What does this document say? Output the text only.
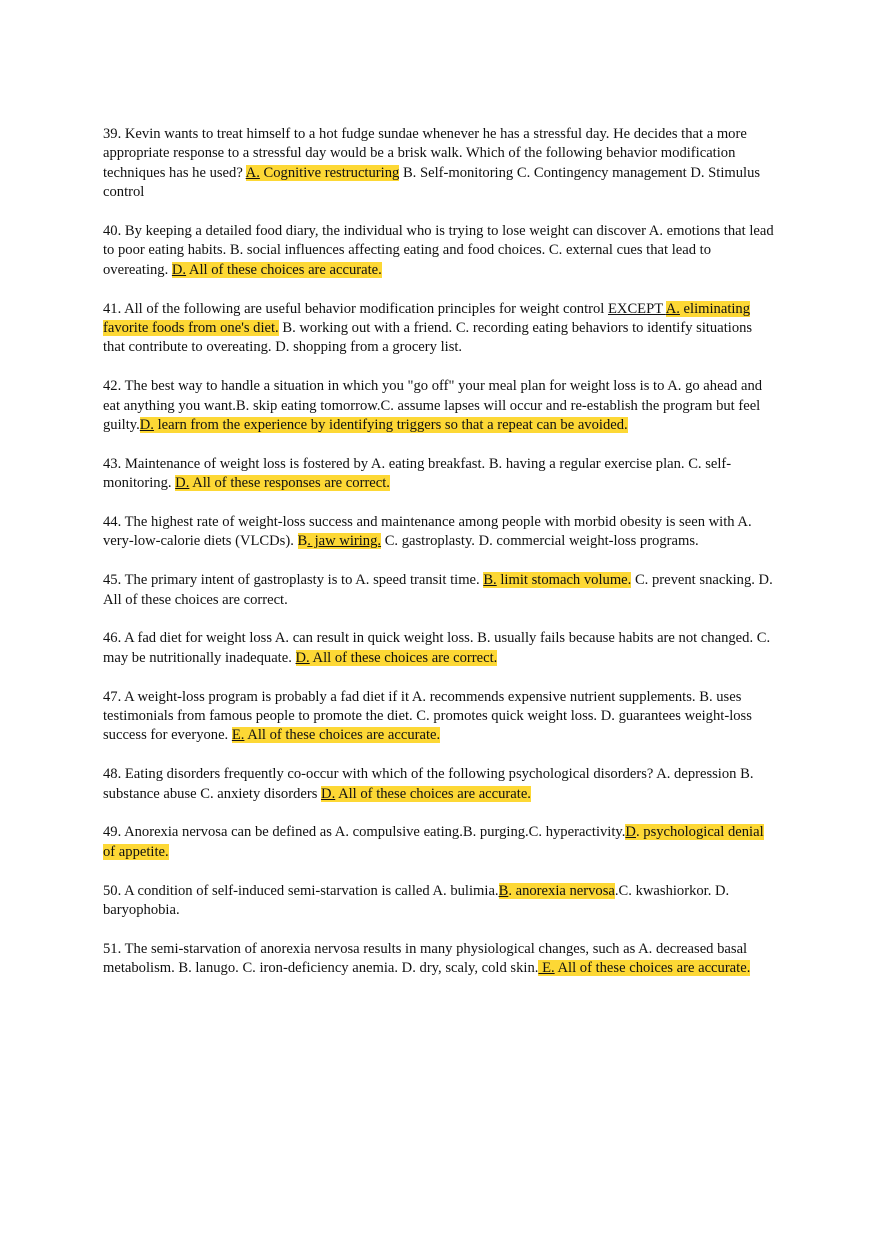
39. Kevin wants to treat himself to a hot fudge sundae whenever he has a stressful day. He decides that a more appropriate response to a stressful day would be a brisk walk. Which of the following behavior modification techniques has he used? A. Cognitive restructuring B. Self-monitoring C. Contingency management D. Stimulus control

40. By keeping a detailed food diary, the individual who is trying to lose weight can discover A. emotions that lead to poor eating habits. B. social influences affecting eating and food choices. C. external cues that lead to overeating. D. All of these choices are accurate.

41. All of the following are useful behavior modification principles for weight control EXCEPT A. eliminating favorite foods from one's diet. B. working out with a friend. C. recording eating behaviors to identify situations that contribute to overeating. D. shopping from a grocery list.

42. The best way to handle a situation in which you "go off" your meal plan for weight loss is to A. go ahead and eat anything you want.B. skip eating tomorrow.C. assume lapses will occur and re-establish the program but feel guilty.D. learn from the experience by identifying triggers so that a repeat can be avoided.

43. Maintenance of weight loss is fostered by A. eating breakfast. B. having a regular exercise plan. C. self-monitoring. D. All of these responses are correct.

44. The highest rate of weight-loss success and maintenance among people with morbid obesity is seen with A. very-low-calorie diets (VLCDs). B. jaw wiring. C. gastroplasty. D. commercial weight-loss programs.

45. The primary intent of gastroplasty is to A. speed transit time. B. limit stomach volume. C. prevent snacking. D. All of these choices are correct.

46. A fad diet for weight loss A. can result in quick weight loss. B. usually fails because habits are not changed. C. may be nutritionally inadequate. D. All of these choices are correct.

47. A weight-loss program is probably a fad diet if it A. recommends expensive nutrient supplements. B. uses testimonials from famous people to promote the diet. C. promotes quick weight loss. D. guarantees weight-loss success for everyone. E. All of these choices are accurate.

48. Eating disorders frequently co-occur with which of the following psychological disorders? A. depression B. substance abuse C. anxiety disorders D. All of these choices are accurate.

49. Anorexia nervosa can be defined as A. compulsive eating.B. purging.C. hyperactivity.D. psychological denial of appetite.

50. A condition of self-induced semi-starvation is called A. bulimia.B. anorexia nervosa.C. kwashiorkor. D. baryophobia.

51. The semi-starvation of anorexia nervosa results in many physiological changes, such as A. decreased basal metabolism. B. lanugo. C. iron-deficiency anemia. D. dry, scaly, cold skin. E. All of these choices are accurate.
